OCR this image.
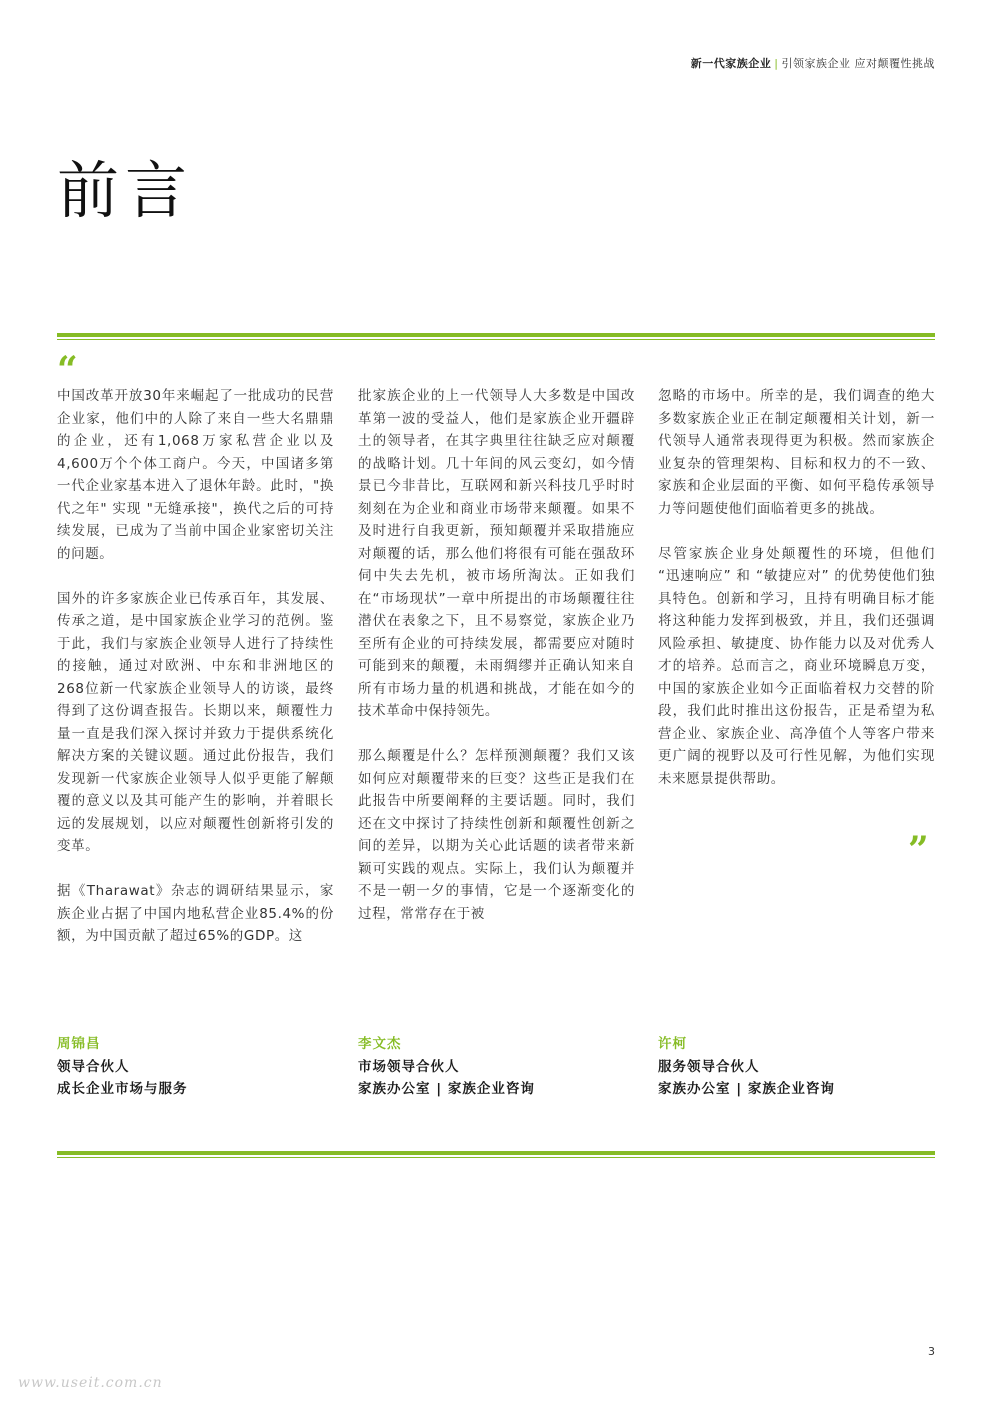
新一代家族企业 | 引领家族企业 应对颠覆性挑战
前言
“

中国改革开放30年来崛起了一批成功的民营企业家，他们中的人除了来自一些大名鼎鼎的企业，还有1,068万家私营企业以及4,600万个个体工商户。今天，中国诸多第一代企业家基本进入了退休年龄。此时，"换代之年" 实现 "无缝承接"，换代之后的可持续发展，已成为了当前中国企业家密切关注的问题。

国外的许多家族企业已传承百年，其发展、传承之道，是中国家族企业学习的范例。鉴于此，我们与家族企业领导人进行了持续性的接触，通过对欧洲、中东和非洲地区的268位新一代家族企业领导人的访谈，最终得到了这份调查报告。长期以来，颠覆性力量一直是我们深入探讨并致力于提供系统化解决方案的关键议题。通过此份报告，我们发现新一代家族企业领导人似乎更能了解颠覆的意义以及其可能产生的影响，并着眼长远的发展规划，以应对颠覆性创新将引发的变革。

据《Tharawat》杂志的调研结果显示，家族企业占据了中国内地私营企业85.4%的份额，为中国贡献了超过65%的GDP。这

批家族企业的上一代领导人大多数是中国改革第一波的受益人，他们是家族企业开疆辟土的领导者，在其字典里往往缺乏应对颠覆的战略计划。几十年间的风云变幻，如今情景已今非昔比，互联网和新兴科技几乎时时刻刻在为企业和商业市场带来颠覆。如果不及时进行自我更新，预知颠覆并采取措施应对颠覆的话，那么他们将很有可能在强敌环伺中失去先机，被市场所淘汰。正如我们在“市场现状”一章中所提出的市场颠覆往往潜伏在表象之下，且不易察觉，家族企业乃至所有企业的可持续发展，都需要应对随时可能到来的颠覆，未雨绸缪并正确认知来自所有市场力量的机遇和挑战，才能在如今的技术革命中保持领先。

那么颠覆是什么？怎样预测颠覆？我们又该如何应对颠覆带来的巨变？这些正是我们在此报告中所要阐释的主要话题。同时，我们还在文中探讨了持续性创新和颠覆性创新之间的差异，以期为关心此话题的读者带来新颖可实践的观点。实际上，我们认为颠覆并不是一朝一夕的事情，它是一个逐渐变化的过程，常常存在于被

忽略的市场中。所幸的是，我们调查的绝大多数家族企业正在制定颠覆相关计划，新一代领导人通常表现得更为积极。然而家族企业复杂的管理架构、目标和权力的不一致、家族和企业层面的平衡、如何平稳传承领导力等问题使他们面临着更多的挑战。

尽管家族企业身处颠覆性的环境，但他们 “迅速响应” 和 “敏捷应对” 的优势使他们独具特色。创新和学习，且持有明确目标才能将这种能力发挥到极致，并且，我们还强调风险承担、敏捷度、协作能力以及对优秀人才的培养。总而言之，商业环境瞬息万变，中国的家族企业如今正面临着权力交替的阶段，我们此时推出这份报告，正是希望为私营企业、家族企业、高净值个人等客户带来更广阔的视野以及可行性见解，为他们实现未来愿景提供帮助。

”
周锦昌
领导合伙人
成长企业市场与服务
李文杰
市场领导合伙人
家族办公室 | 家族企业咨询
许柯
服务领导合伙人
家族办公室 | 家族企业咨询
3
www.useit.com.cn
